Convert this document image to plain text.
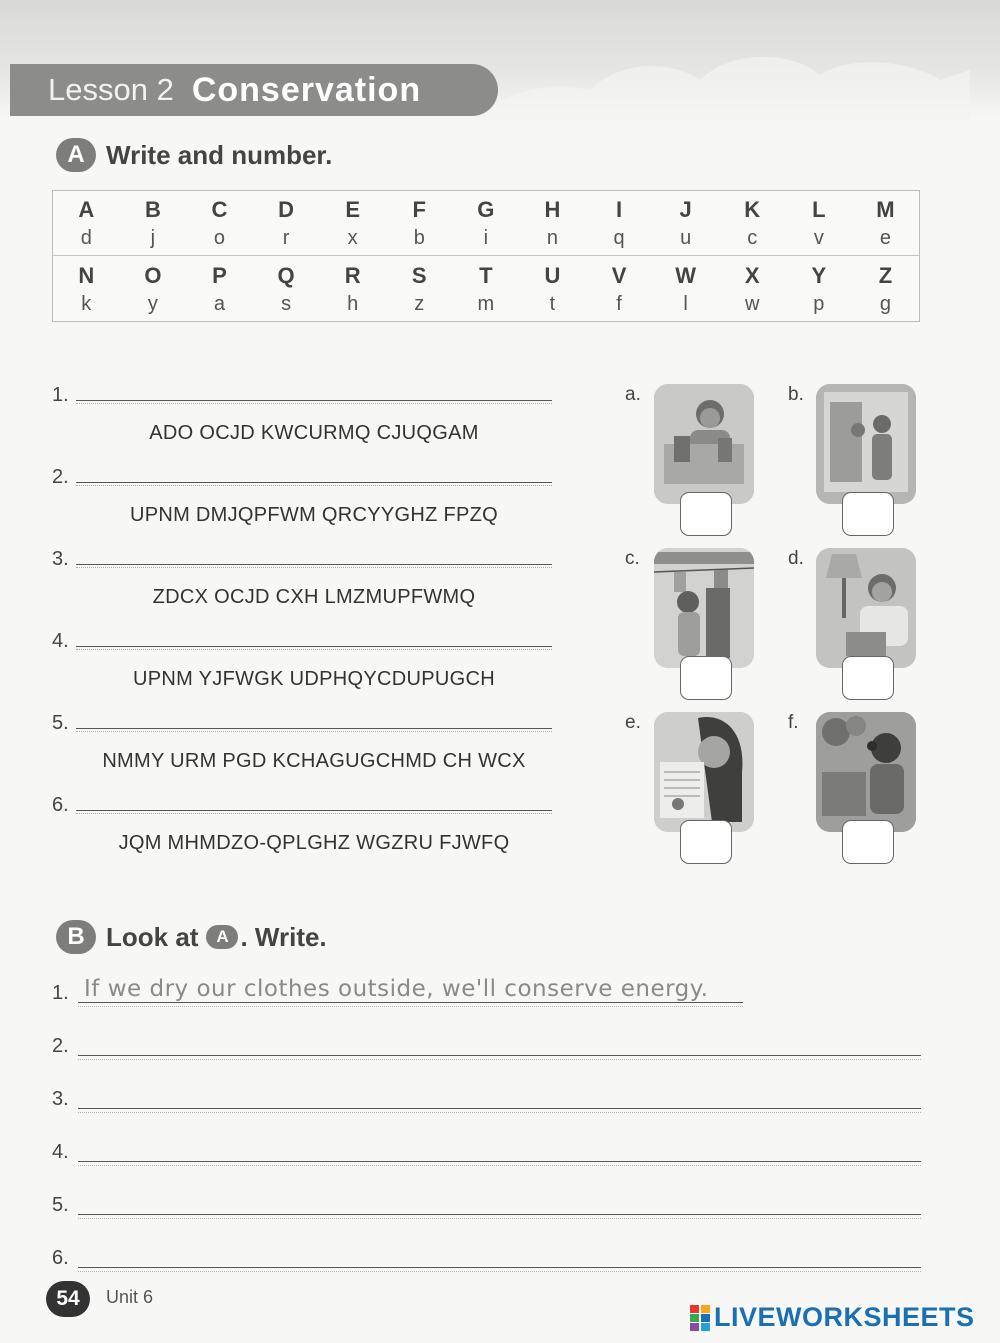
Lesson 2 Conservation
A Write and number.
A	B	C	D	E	F	G	H	I	J	K	L	M
d	j	o	r	x	b	i	n	q	u	c	v	e
N	O	P	Q	R	S	T	U	V	W	X	Y	Z
k	y	a	s	h	z	m	t	f	l	w	p	g
1.
ADO OCJD KWCURMQ CJUQGAM
2.
UPNM DMJQPFWM QRCYYGHZ FPZQ
3.
ZDCX OCJD CXH LMZMUPFWMQ
4.
UPNM YJFWGK UDPHQYCDUPUGCH
5.
NMMY URM PGD KCHAGUGCHMD CH WCX
6.
JQM MHMDZO-QPLGHZ WGZRU FJWFQ
a.	b.
c.	d.
e.	f.
B Look at	A . Write.
1.
2.
3.
4.
5.
6.
If we dry our clothes outside, we'll conserve energy.
54	Unit 6
LIVEWORKSHEETS
